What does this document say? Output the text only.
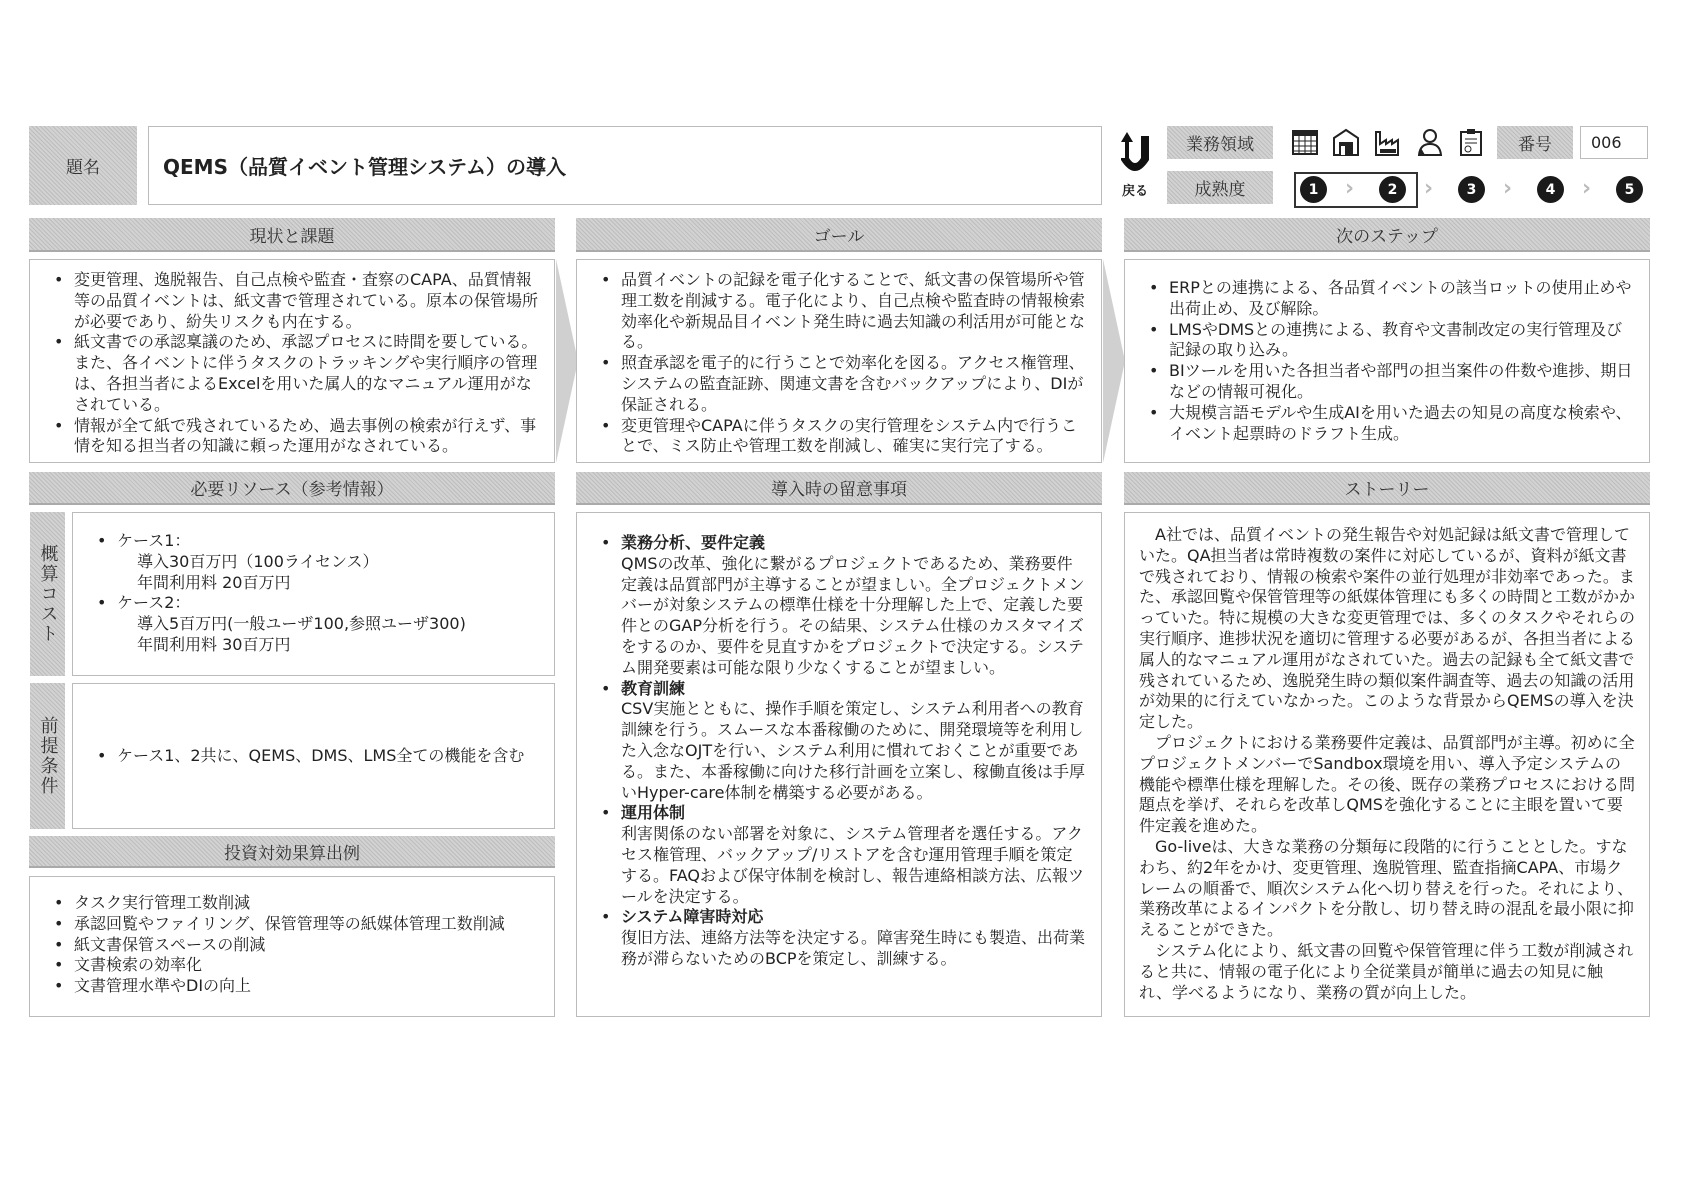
題名	QEMS（品質イベント管理システム）の導入
戻る
業務領域
成熟度
番号	006
1	›	2	›	3	›	4	›	5
現状と課題	ゴール	次のステップ
• 変更管理、逸脱報告、自己点検や監査・査察のCAPA、品質情報等の品質イベントは、紙文書で管理されている。原本の保管場所が必要であり、紛失リスクも内在する。
• 紙文書での承認稟議のため、承認プロセスに時間を要している。また、各イベントに伴うタスクのトラッキングや実行順序の管理は、各担当者によるExcelを用いた属人的なマニュアル運用がなされている。
• 情報が全て紙で残されているため、過去事例の検索が行えず、事情を知る担当者の知識に頼った運用がなされている。
• 品質イベントの記録を電子化することで、紙文書の保管場所や管理工数を削減する。電子化により、自己点検や監査時の情報検索効率化や新規品目イベント発生時に過去知識の利活用が可能となる。
• 照査承認を電子的に行うことで効率化を図る。アクセス権管理、システムの監査証跡、関連文書を含むバックアップにより、DIが保証される。
• 変更管理やCAPAに伴うタスクの実行管理をシステム内で行うことで、ミス防止や管理工数を削減し、確実に実行完了する。
• ERPとの連携による、各品質イベントの該当ロットの使用止めや出荷止め、及び解除。
• LMSやDMSとの連携による、教育や文書制改定の実行管理及び記録の取り込み。
• BIツールを用いた各担当者や部門の担当案件の件数や進捗、期日などの情報可視化。
• 大規模言語モデルや生成AIを用いた過去の知見の高度な検索や、イベント起票時のドラフト生成。
必要リソース（参考情報）	導入時の留意事項	ストーリー
概算コスト
• ケース1：
導入30百万円（100ライセンス）
年間利用料 20百万円
• ケース2：
導入5百万円(一般ユーザ100,参照ユーザ300)
年間利用料 30百万円
前提条件	• ケース1、2共に、QEMS、DMS、LMS全ての機能を含む
投資対効果算出例
• タスク実行管理工数削減
• 承認回覧やファイリング、保管管理等の紙媒体管理工数削減
• 紙文書保管スペースの削減
• 文書検索の効率化
• 文書管理水準やDIの向上
• 業務分析、要件定義
QMSの改革、強化に繋がるプロジェクトであるため、業務要件定義は品質部門が主導することが望ましい。全プロジェクトメンバーが対象システムの標準仕様を十分理解した上で、定義した要件とのGAP分析を行う。その結果、システム仕様のカスタマイズをするのか、要件を見直すかをプロジェクトで決定する。システム開発要素は可能な限り少なくすることが望ましい。
• 教育訓練
CSV実施とともに、操作手順を策定し、システム利用者への教育訓練を行う。スムースな本番稼働のために、開発環境等を利用した入念なOJTを行い、システム利用に慣れておくことが重要である。また、本番稼働に向けた移行計画を立案し、稼働直後は手厚いHyper-care体制を構築する必要がある。
• 運用体制
利害関係のない部署を対象に、システム管理者を選任する。アクセス権管理、バックアップ/リストアを含む運用管理手順を策定する。FAQおよび保守体制を検討し、報告連絡相談方法、広報ツールを決定する。
• システム障害時対応
復旧方法、連絡方法等を決定する。障害発生時にも製造、出荷業務が滞らないためのBCPを策定し、訓練する。

A社では、品質イベントの発生報告や対処記録は紙文書で管理していた。QA担当者は常時複数の案件に対応しているが、資料が紙文書で残されており、情報の検索や案件の並行処理が非効率であった。また、承認回覧や保管管理等の紙媒体管理にも多くの時間と工数がかかっていた。特に規模の大きな変更管理では、多くのタスクやそれらの実行順序、進捗状況を適切に管理する必要があるが、各担当者による属人的なマニュアル運用がなされていた。過去の記録も全て紙文書で残されているため、逸脱発生時の類似案件調査等、過去の知識の活用が効果的に行えていなかった。このような背景からQEMSの導入を決定した。

プロジェクトにおける業務要件定義は、品質部門が主導。初めに全プロジェクトメンバーでSandbox環境を用い、導入予定システムの機能や標準仕様を理解した。その後、既存の業務プロセスにおける問題点を挙げ、それらを改革しQMSを強化することに主眼を置いて要件定義を進めた。

Go-liveは、大きな業務の分類毎に段階的に行うこととした。すなわち、約2年をかけ、変更管理、逸脱管理、監査指摘CAPA、市場クレームの順番で、順次システム化へ切り替えを行った。それにより、業務改革によるインパクトを分散し、切り替え時の混乱を最小限に抑えることができた。

システム化により、紙文書の回覧や保管管理に伴う工数が削減されると共に、情報の電子化により全従業員が簡単に過去の知見に触れ、学べるようになり、業務の質が向上した。
